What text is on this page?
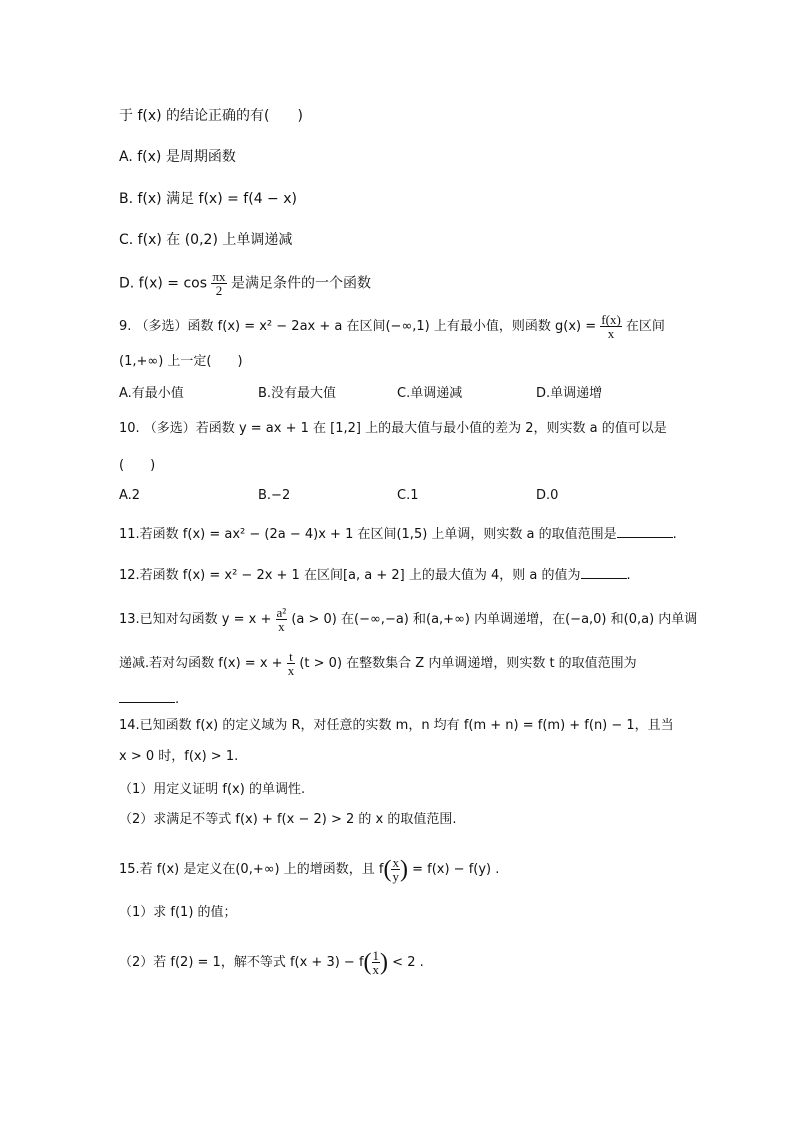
于 f(x) 的结论正确的有(　　)
A. f(x) 是周期函数
B. f(x) 满足 f(x) = f(4 − x)
C. f(x) 在 (0,2) 上单调递减
D. $f(x) = \cos \frac{\pi x}{2}$ 是满足条件的一个函数
9. （多选）函数 f(x) = x² − 2ax + a 在区间(−∞,1) 上有最小值，则函数 $g(x) = \frac{f(x)}{x}$ 在区间
(1,+∞) 上一定(　　)
A.有最小值	B.没有最大值	C.单调递减	D.单调递增
10. （多选）若函数 y = ax + 1 在 [1,2] 上的最大值与最小值的差为 2，则实数 a 的值可以是
(　　)
A.2	B.−2	C.1	D.0
11.若函数 f(x) = ax² − (2a − 4)x + 1 在区间(1,5) 上单调，则实数 a 的取值范围是	.
12.若函数 f(x) = x² − 2x + 1 在区间[a, a + 2] 上的最大值为 4，则 a 的值为	.
13.已知对勾函数 $y = x + \frac{\text{a²}}{x} (a > 0)$ 在(−∞,−a) 和(a,+∞) 内单调递增，在(−a,0) 和(0,a) 内单调
递减.若对勾函数 $f(x) = x + \frac{t}{x} (t > 0)$ 在整数集合 Z 内单调递增，则实数 t 的取值范围为
.
14.已知函数 f(x) 的定义域为 R，对任意的实数 m，n 均有 f(m + n) = f(m) + f(n) − 1，且当
x > 0 时，f(x) > 1.
（1）用定义证明 f(x) 的单调性.
（2）求满足不等式 f(x) + f(x − 2) > 2 的 x 的取值范围.
15.若 f(x) 是定义在(0,+∞) 上的增函数，且 $f( \frac{x}{y}$ ) = f(x) − f(y) .
（1）求 f(1) 的值；
（2）若 f(2) = 1，解不等式 $f(x + 3) - f( \frac{1}{x}$ ) < 2 .
